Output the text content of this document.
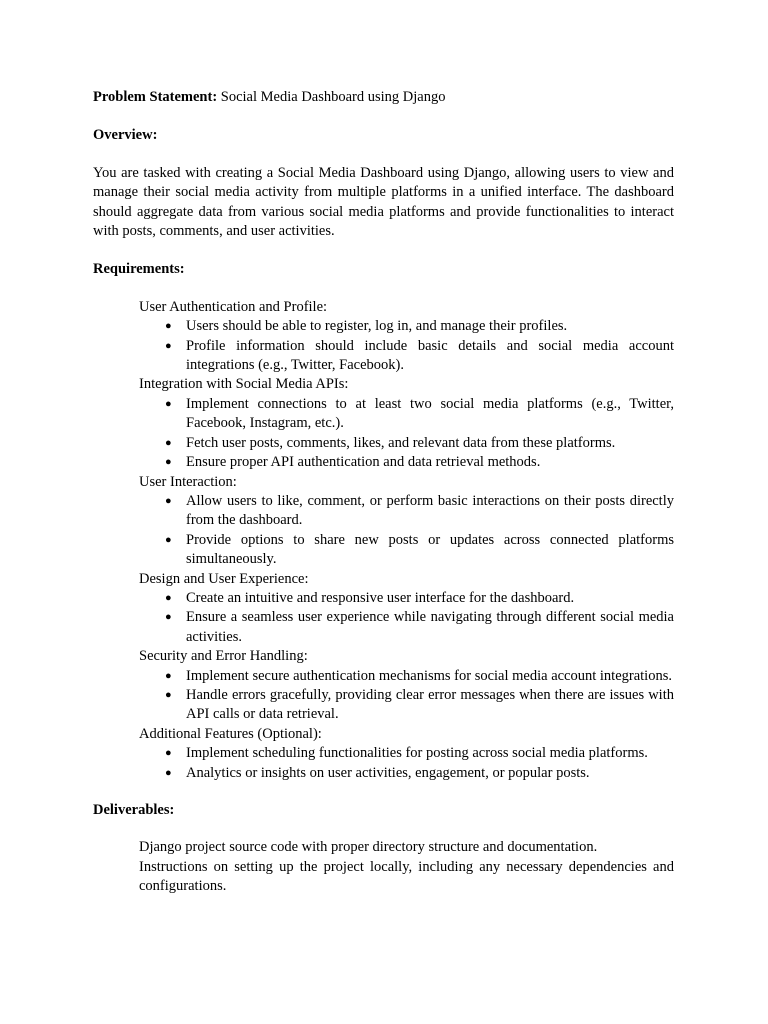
Problem Statement: Social Media Dashboard using Django

Overview:

You are tasked with creating a Social Media Dashboard using Django, allowing users to view and manage their social media activity from multiple platforms in a unified interface. The dashboard should aggregate data from various social media platforms and provide functionalities to interact with posts, comments, and user activities.

Requirements:

User Authentication and Profile:

● Users should be able to register, log in, and manage their profiles.
● Profile information should include basic details and social media account integrations (e.g., Twitter, Facebook).

Integration with Social Media APIs:

● Implement connections to at least two social media platforms (e.g., Twitter, Facebook, Instagram, etc.).
● Fetch user posts, comments, likes, and relevant data from these platforms.
● Ensure proper API authentication and data retrieval methods.

User Interaction:

● Allow users to like, comment, or perform basic interactions on their posts directly from the dashboard.
● Provide options to share new posts or updates across connected platforms simultaneously.

Design and User Experience:

● Create an intuitive and responsive user interface for the dashboard.
● Ensure a seamless user experience while navigating through different social media activities.

Security and Error Handling:

● Implement secure authentication mechanisms for social media account integrations.
● Handle errors gracefully, providing clear error messages when there are issues with API calls or data retrieval.

Additional Features (Optional):

● Implement scheduling functionalities for posting across social media platforms.
● Analytics or insights on user activities, engagement, or popular posts.

Deliverables:

Django project source code with proper directory structure and documentation.

Instructions on setting up the project locally, including any necessary dependencies and configurations.
